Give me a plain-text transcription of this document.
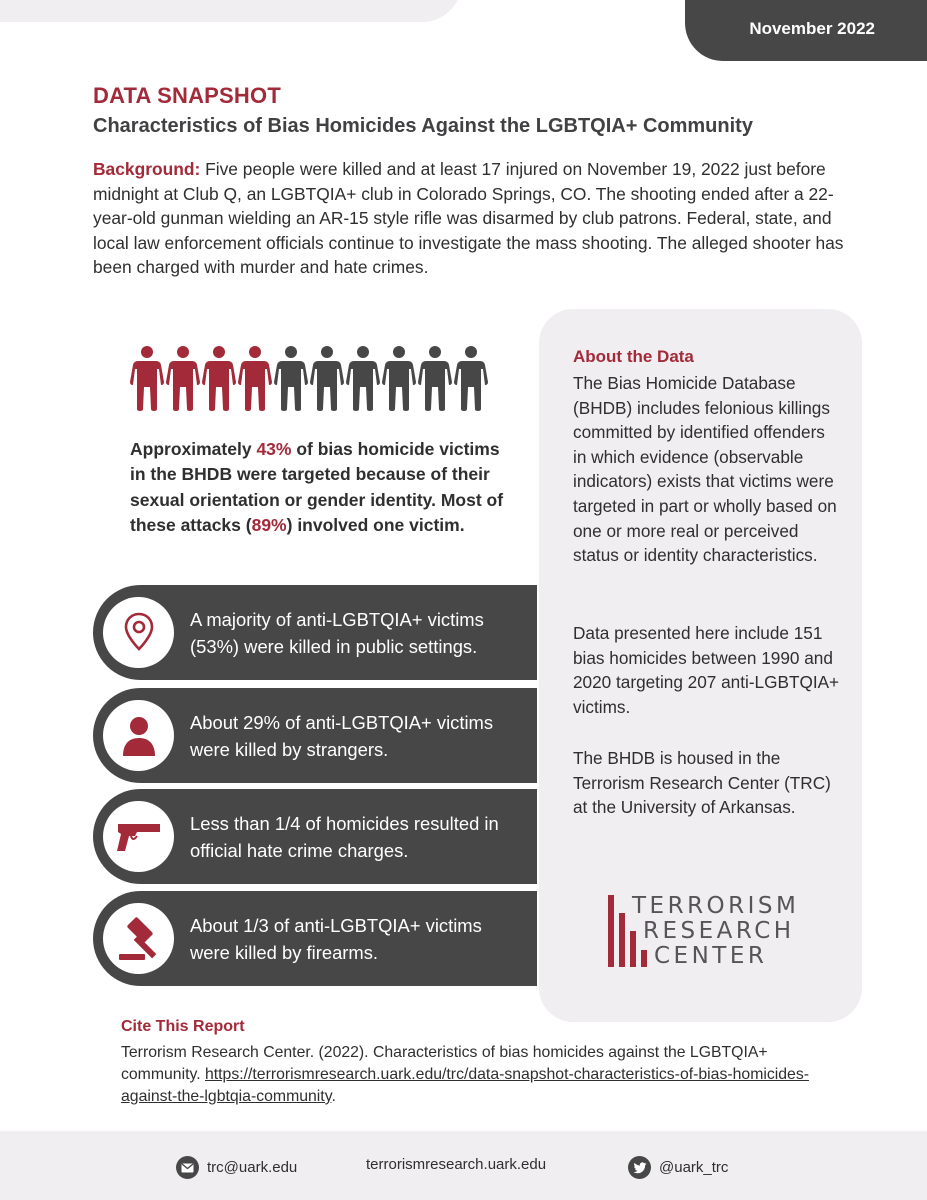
November 2022
DATA SNAPSHOT
Characteristics of Bias Homicides Against the LGBTQIA+ Community

Background: Five people were killed and at least 17 injured on November 19, 2022 just before midnight at Club Q, an LGBTQIA+ club in Colorado Springs, CO. The shooting ended after a 22-year-old gunman wielding an AR-15 style rifle was disarmed by club patrons. Federal, state, and local law enforcement officials continue to investigate the mass shooting. The alleged shooter has been charged with murder and hate crimes.

About the Data

The Bias Homicide Database (BHDB) includes felonious killings committed by identified offenders in which evidence (observable indicators) exists that victims were targeted in part or wholly based on one or more real or perceived status or identity characteristics.

Data presented here include 151 bias homicides between 1990 and 2020 targeting 207 anti-LGBTQIA+ victims.

The BHDB is housed in the Terrorism Research Center (TRC) at the University of Arkansas.

Approximately 43% of bias homicide victims in the BHDB were targeted because of their sexual orientation or gender identity. Most of these attacks (89%) involved one victim.

A majority of anti-LGBTQIA+ victims (53%) were killed in public settings.
About 29% of anti-LGBTQIA+ victims were killed by strangers.
Less than 1/4 of homicides resulted in official hate crime charges.
About 1/3 of anti-LGBTQIA+ victims were killed by firearms.
TERRORISM
RESEARCH
CENTER
Cite This Report

Terrorism Research Center. (2022). Characteristics of bias homicides against the LGBTQIA+ community. https://terrorismresearch.uark.edu/trc/data-snapshot-characteristics-of-bias-homicides-against-the-lgbtqia-community.

trc@uark.edu	terrorismresearch.uark.edu	@uark_trc
